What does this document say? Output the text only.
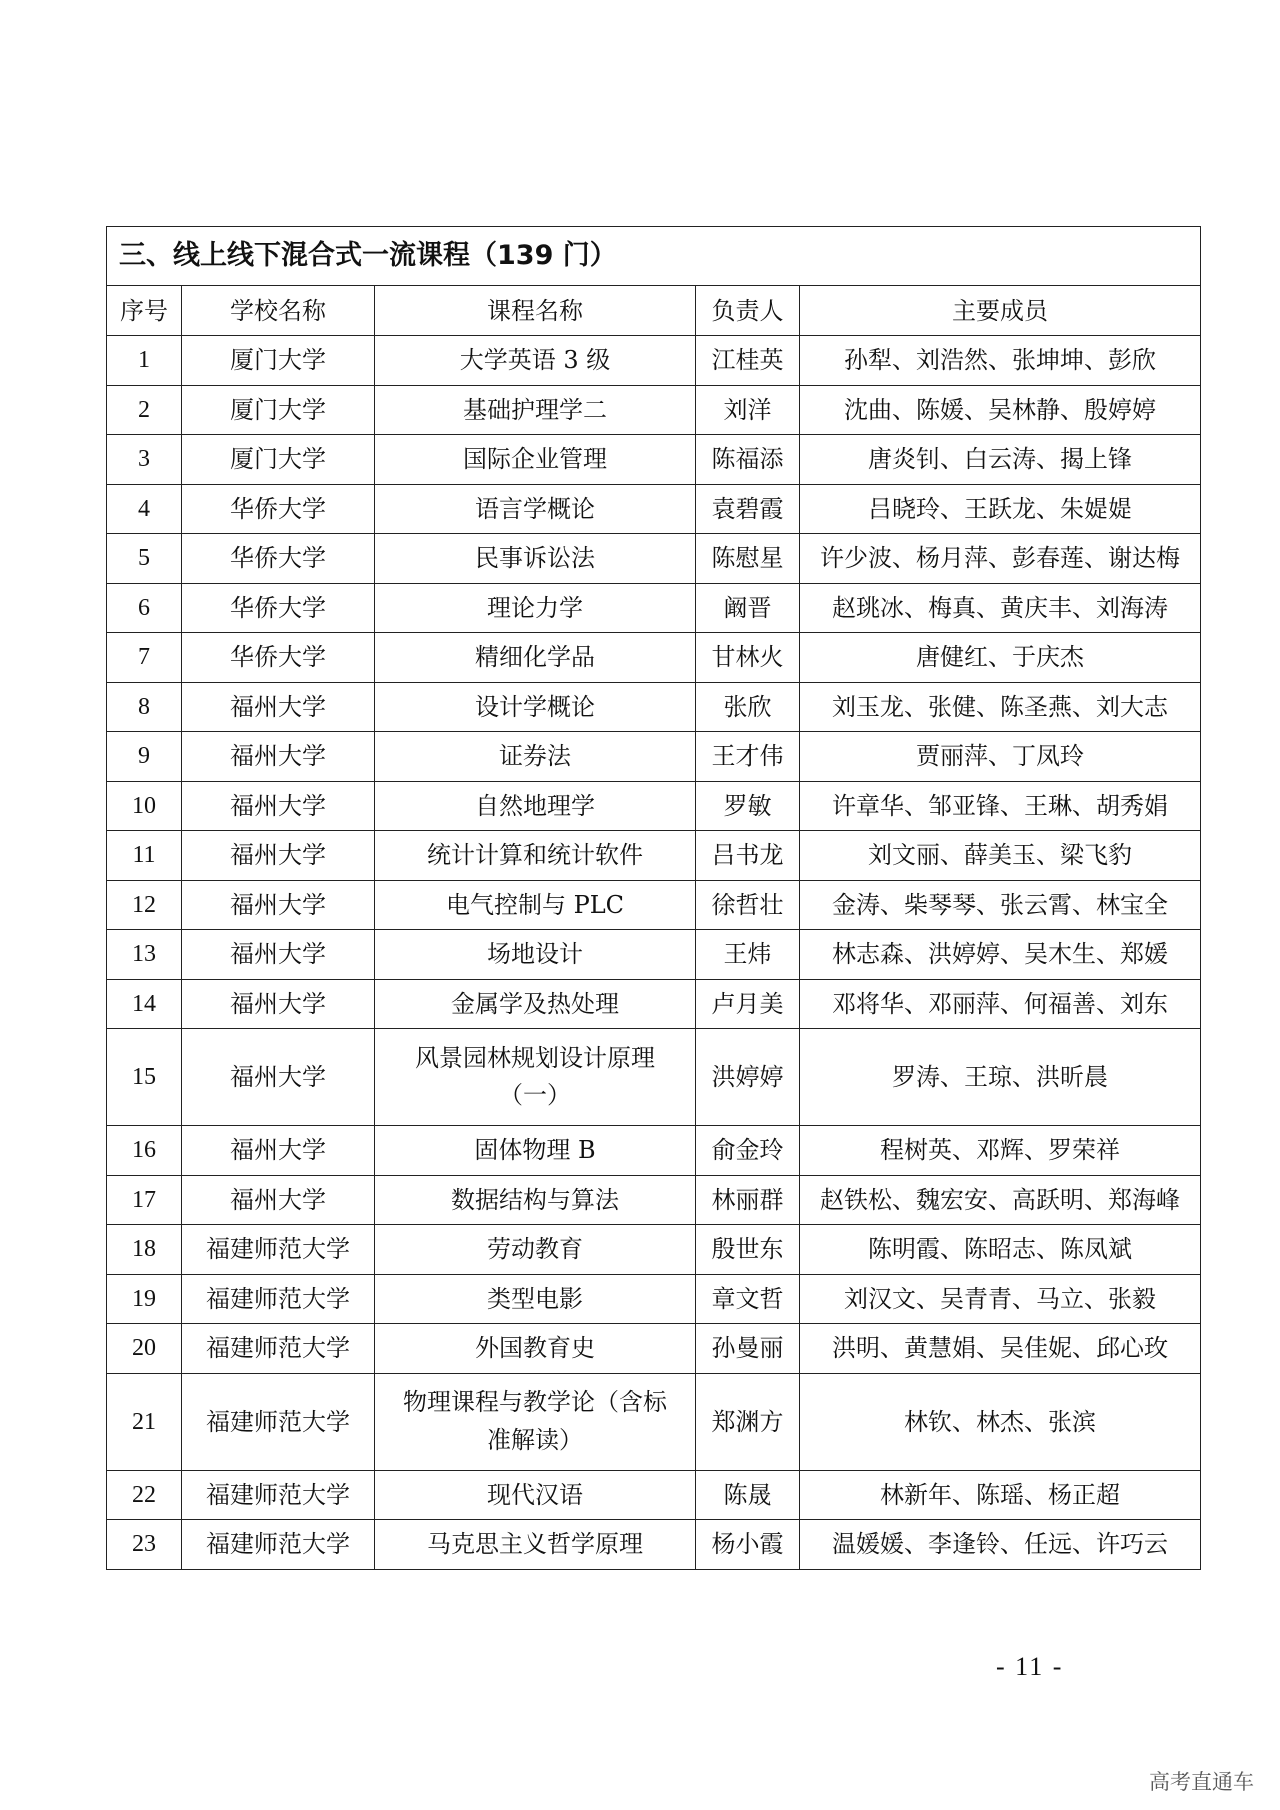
三、线上线下混合式一流课程（139 门）				
序号	学校名称	课程名称	负责人	主要成员
1	厦门大学	大学英语 3 级	江桂英	孙犁、刘浩然、张坤坤、彭欣
2	厦门大学	基础护理学二	刘洋	沈曲、陈媛、吴林静、殷婷婷
3	厦门大学	国际企业管理	陈福添	唐炎钊、白云涛、揭上锋
4	华侨大学	语言学概论	袁碧霞	吕晓玲、王跃龙、朱媞媞
5	华侨大学	民事诉讼法	陈慰星	许少波、杨月萍、彭春莲、谢达梅
6	华侨大学	理论力学	阚晋	赵珧冰、梅真、黄庆丰、刘海涛
7	华侨大学	精细化学品	甘林火	唐健红、于庆杰
8	福州大学	设计学概论	张欣	刘玉龙、张健、陈圣燕、刘大志
9	福州大学	证券法	王才伟	贾丽萍、丁凤玲
10	福州大学	自然地理学	罗敏	许章华、邹亚锋、王琳、胡秀娟
11	福州大学	统计计算和统计软件	吕书龙	刘文丽、薛美玉、梁飞豹
12	福州大学	电气控制与 PLC	徐哲壮	金涛、柴琴琴、张云霄、林宝全
13	福州大学	场地设计	王炜	林志森、洪婷婷、吴木生、郑媛
14	福州大学	金属学及热处理	卢月美	邓将华、邓丽萍、何福善、刘东
15	福州大学	风景园林规划设计原理（一）	洪婷婷	罗涛、王琼、洪昕晨
16	福州大学	固体物理 B	俞金玲	程树英、邓辉、罗荣祥
17	福州大学	数据结构与算法	林丽群	赵铁松、魏宏安、高跃明、郑海峰
18	福建师范大学	劳动教育	殷世东	陈明霞、陈昭志、陈凤斌
19	福建师范大学	类型电影	章文哲	刘汉文、吴青青、马立、张毅
20	福建师范大学	外国教育史	孙曼丽	洪明、黄慧娟、吴佳妮、邱心玫
21	福建师范大学	物理课程与教学论（含标准解读）	郑渊方	林钦、林杰、张滨
22	福建师范大学	现代汉语	陈晟	林新年、陈瑶、杨正超
23	福建师范大学	马克思主义哲学原理	杨小霞	温媛媛、李逢铃、任远、许巧云
- 11 -
高考直通车
